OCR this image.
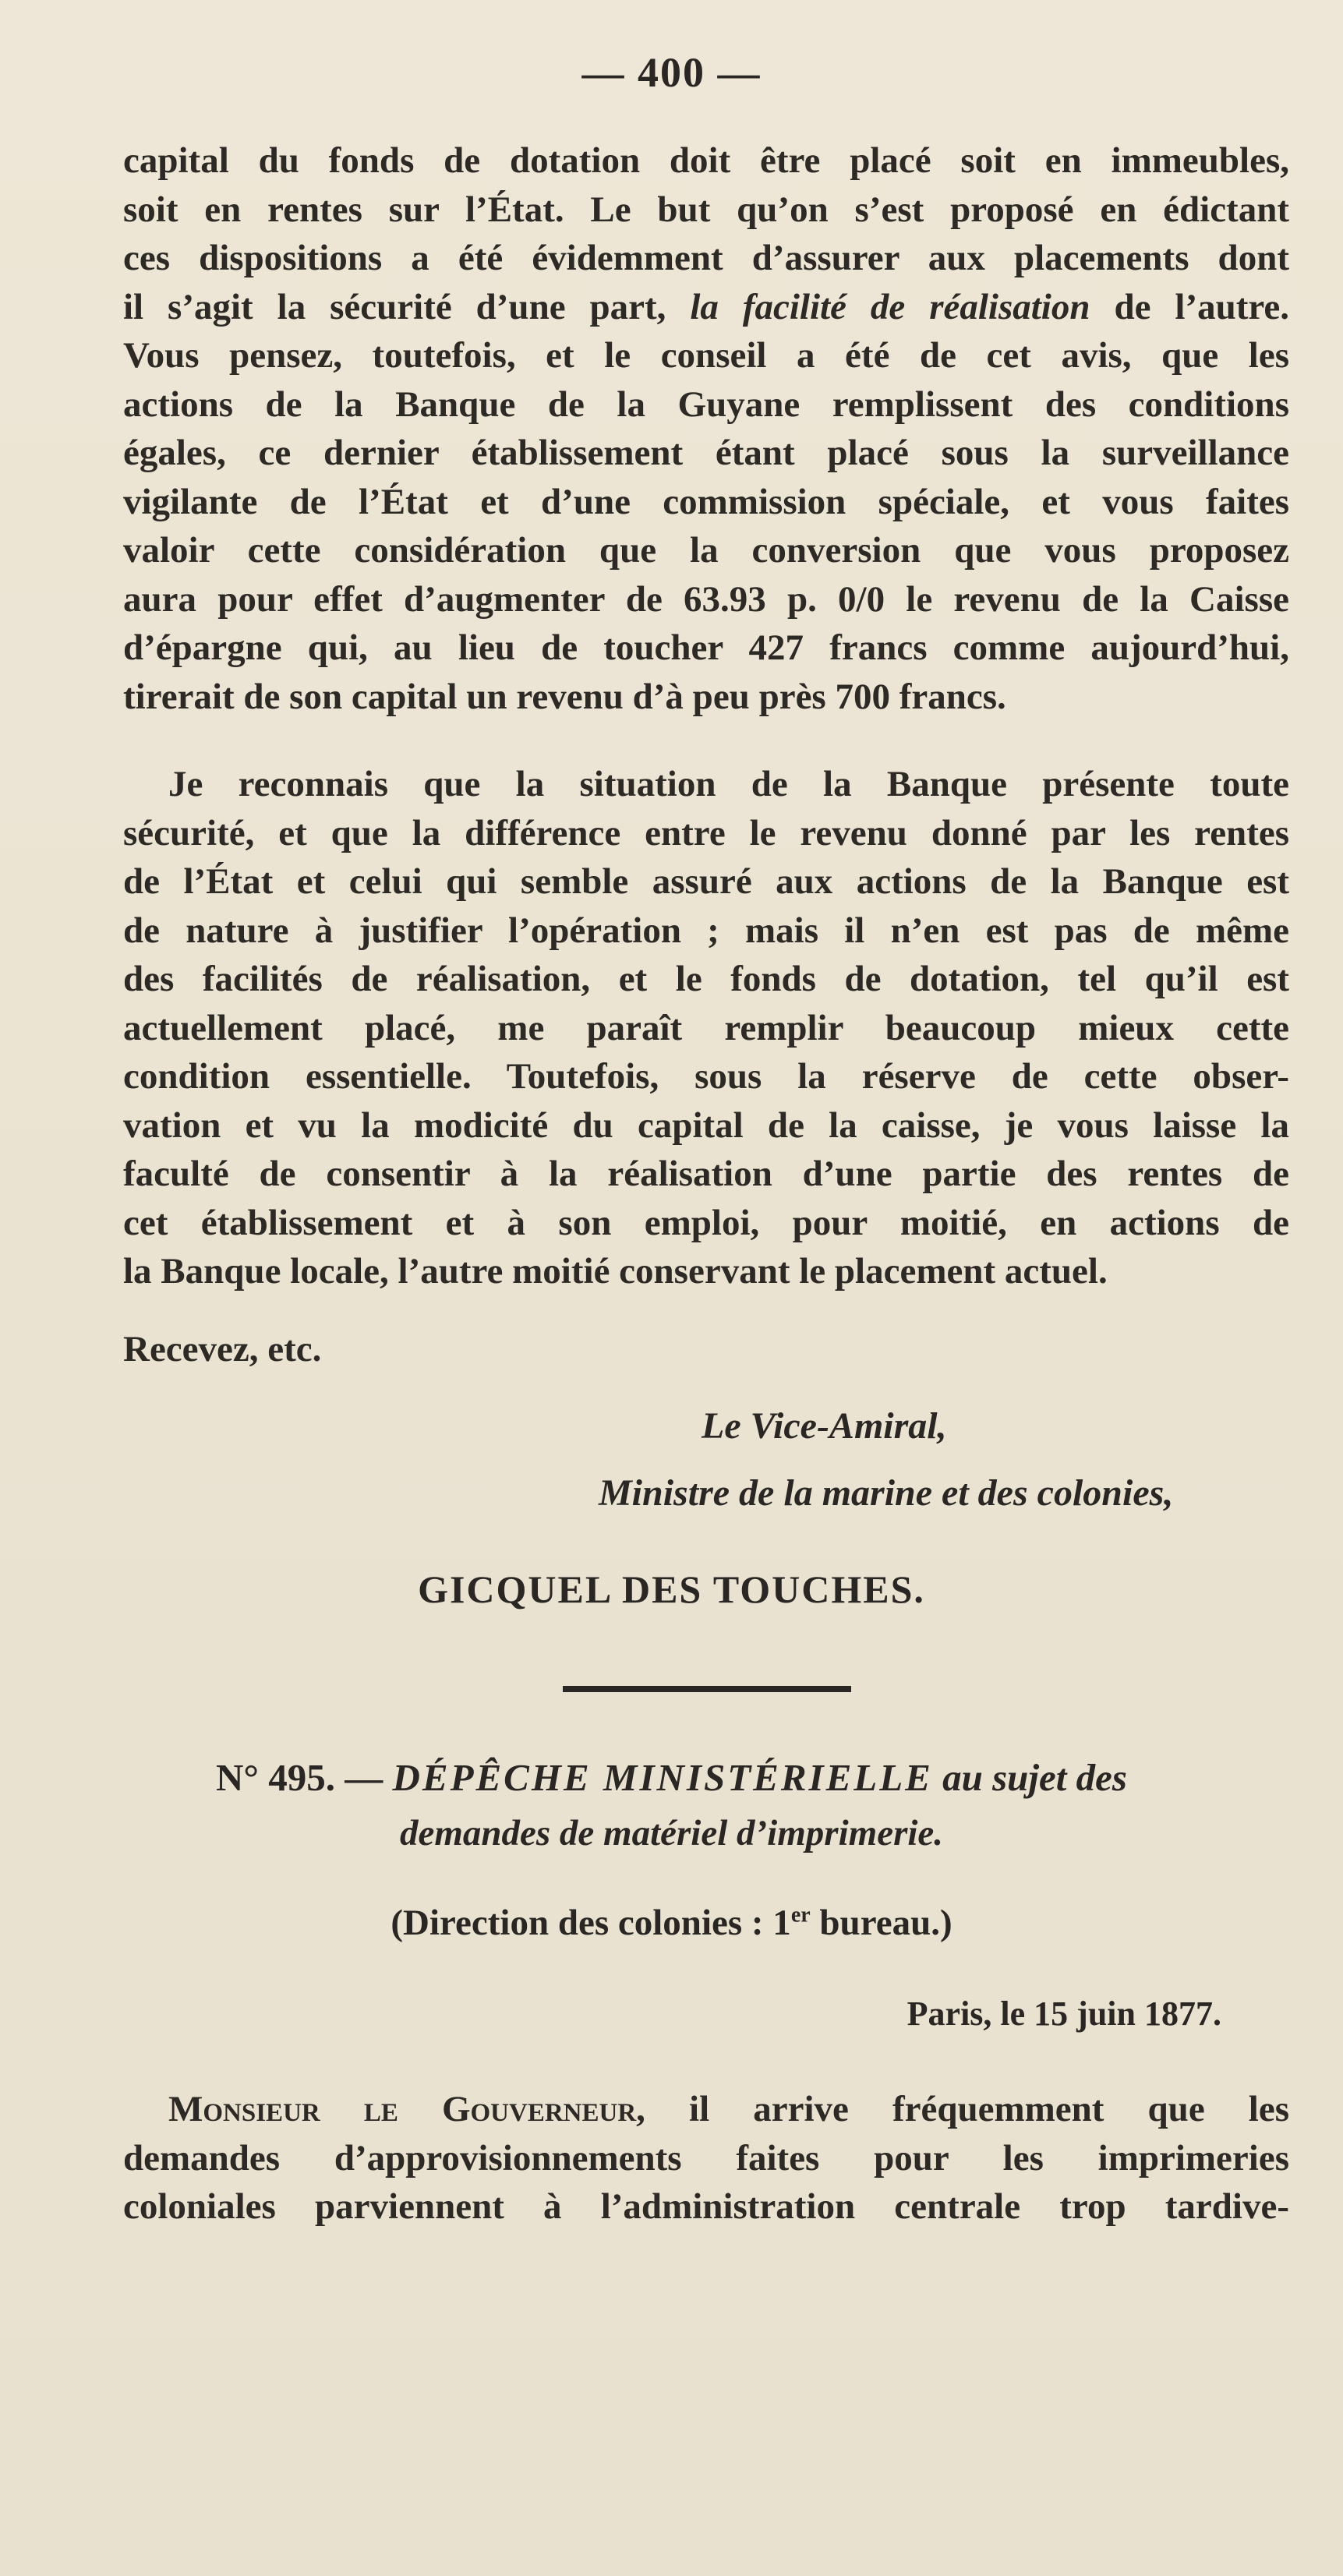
— 400 —
capital du fonds de dotation doit être placé soit en immeubles,
soit en rentes sur l’État. Le but qu’on s’est proposé en édictant
ces dispositions a été évidemment d’assurer aux placements dont
il s’agit la sécurité d’une part, la facilité de réalisation de l’autre.
Vous pensez, toutefois, et le conseil a été de cet avis, que les
actions de la Banque de la Guyane remplissent des conditions
égales, ce dernier établissement étant placé sous la surveillance
vigilante de l’État et d’une commission spéciale, et vous faites
valoir cette considération que la conversion que vous proposez
aura pour effet d’augmenter de 63.93 p. 0/0 le revenu de la Caisse
d’épargne qui, au lieu de toucher 427 francs comme aujourd’hui,
tirerait de son capital un revenu d’à peu près 700 francs.
Je reconnais que la situation de la Banque présente toute
sécurité, et que la différence entre le revenu donné par les rentes
de l’État et celui qui semble assuré aux actions de la Banque est
de nature à justifier l’opération ; mais il n’en est pas de même
des facilités de réalisation, et le fonds de dotation, tel qu’il est
actuellement placé, me paraît remplir beaucoup mieux cette
condition essentielle. Toutefois, sous la réserve de cette obser-
vation et vu la modicité du capital de la caisse, je vous laisse la
faculté de consentir à la réalisation d’une partie des rentes de
cet établissement et à son emploi, pour moitié, en actions de
la Banque locale, l’autre moitié conservant le placement actuel.
Recevez, etc.
Le Vice-Amiral,
Ministre de la marine et des colonies,
GICQUEL DES TOUCHES.
N° 495. — DÉPÊCHE MINISTÉRIELLE au sujet des
demandes de matériel d’imprimerie.
(Direction des colonies : 1er bureau.)
Paris, le 15 juin 1877.
Monsieur le Gouverneur, il arrive fréquemment que les
demandes d’approvisionnements faites pour les imprimeries
coloniales parviennent à l’administration centrale trop tardive-
